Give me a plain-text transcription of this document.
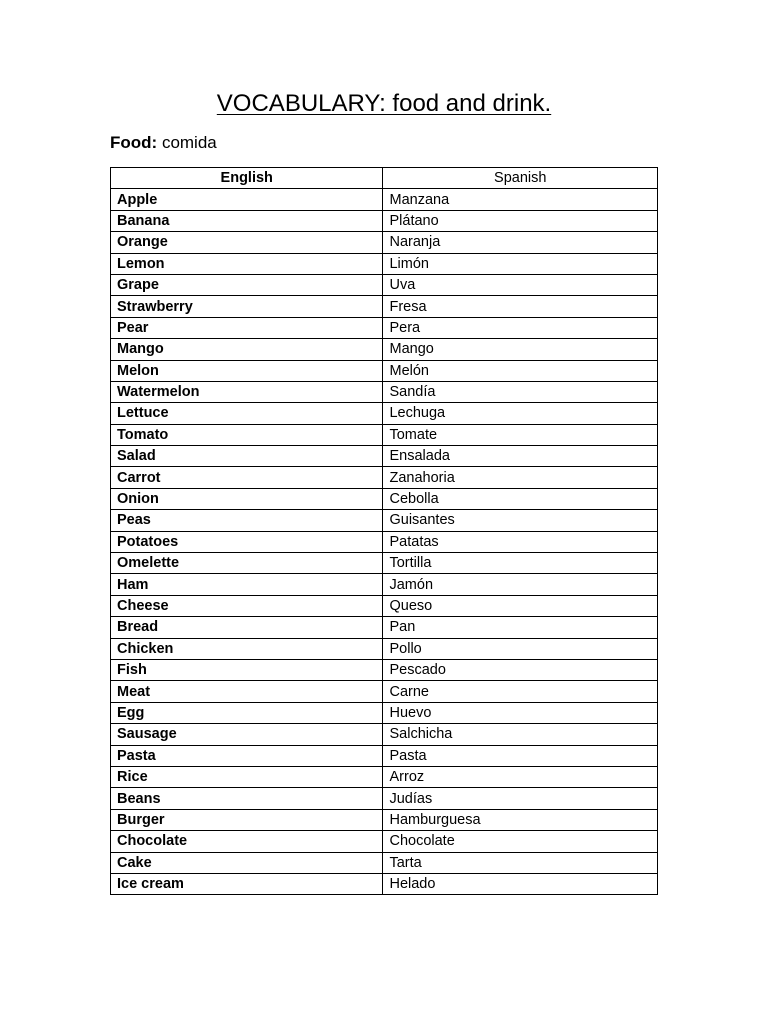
VOCABULARY: food and drink.

Food: comida

English	Spanish
Apple	Manzana
Banana	Plátano
Orange	Naranja
Lemon	Limón
Grape	Uva
Strawberry	Fresa
Pear	Pera
Mango	Mango
Melon	Melón
Watermelon	Sandía
Lettuce	Lechuga
Tomato	Tomate
Salad	Ensalada
Carrot	Zanahoria
Onion	Cebolla
Peas	Guisantes
Potatoes	Patatas
Omelette	Tortilla
Ham	Jamón
Cheese	Queso
Bread	Pan
Chicken	Pollo
Fish	Pescado
Meat	Carne
Egg	Huevo
Sausage	Salchicha
Pasta	Pasta
Rice	Arroz
Beans	Judías
Burger	Hamburguesa
Chocolate	Chocolate
Cake	Tarta
Ice cream	Helado
